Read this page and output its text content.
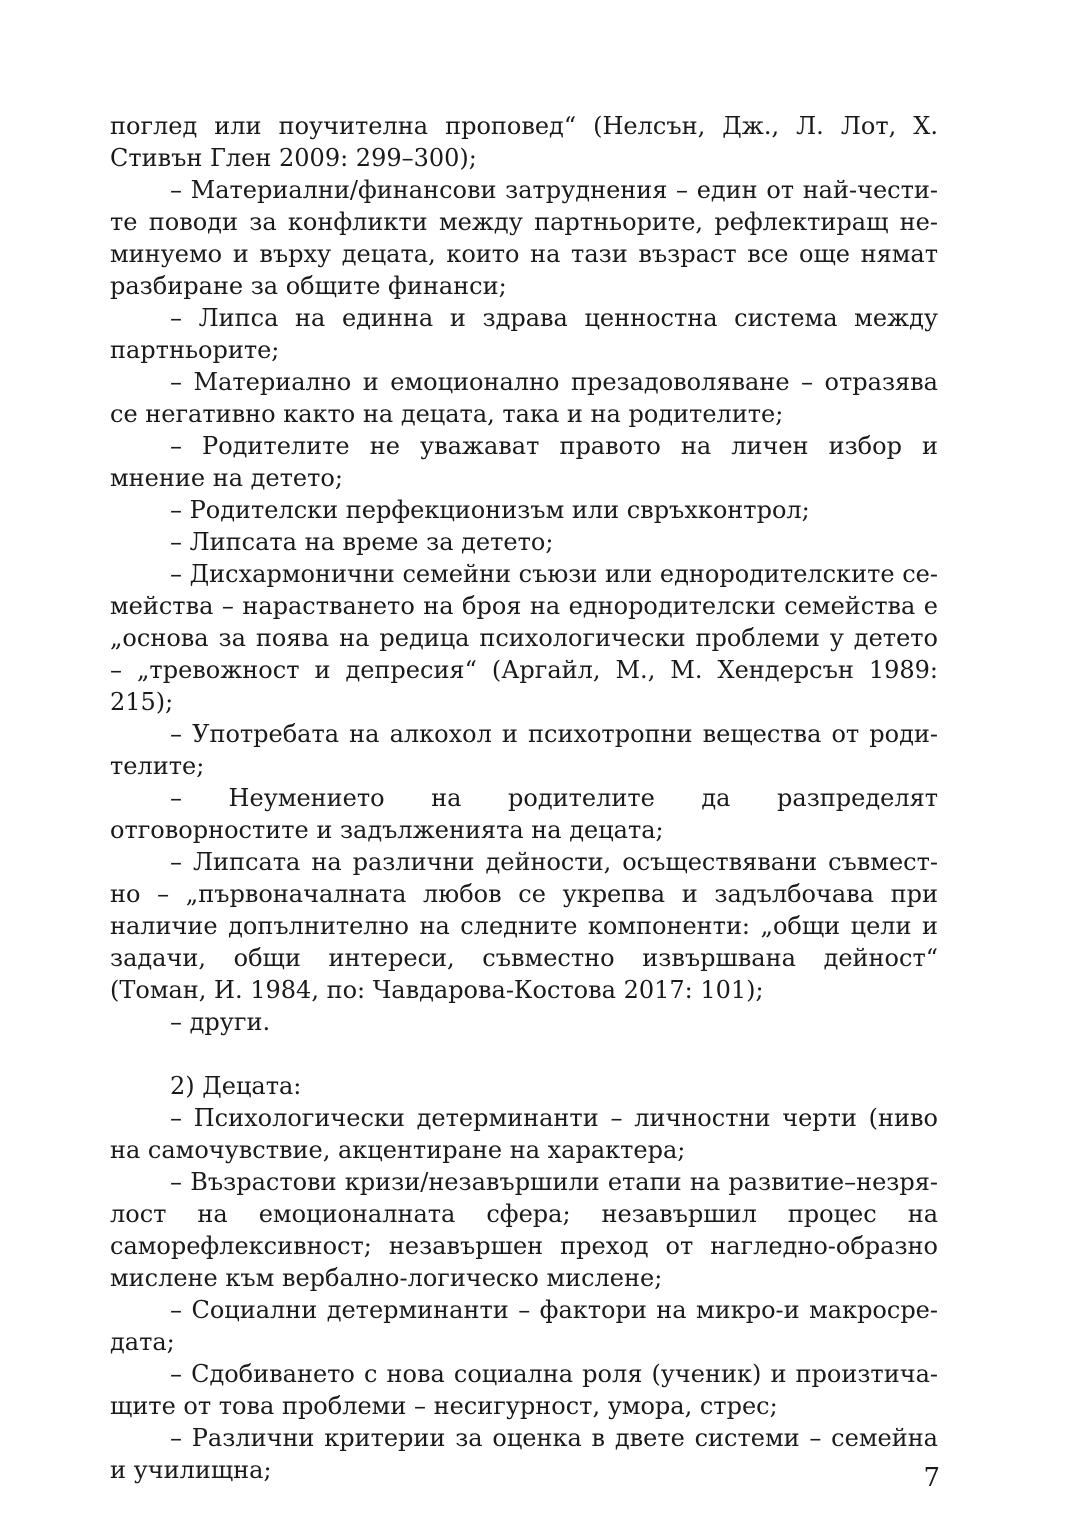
поглед или поучителна проповед“ (Нелсън, Дж., Л. Лот, Х. Стивън Глен 2009: 299–300);

– Материални/финансови затруднения – един от най-честите поводи за конфликти между партньорите, рефлектиращ неминуемо и върху децата, които на тази възраст все още нямат разбиране за общите финанси;

– Липса на единна и здрава ценностна система между партньорите;

– Материално и емоционално презадоволяване – отразява се негативно както на децата, така и на родителите;

– Родителите не уважават правото на личен избор и мнение на детето;

– Родителски перфекционизъм или свръхконтрол;

– Липсата на време за детето;

– Дисхармонични семейни съюзи или еднородителските семейства – нарастването на броя на еднородителски семейства е „основа за поява на редица психологически проблеми у детето – „тревожност и депресия“ (Аргайл, М., М. Хендерсън 1989: 215);

– Употребата на алкохол и психотропни вещества от родителите;

– Неумението на родителите да разпределят отговорностите и задълженията на децата;

– Липсата на различни дейности, осъществявани съвместно – „първоначалната любов се укрепва и задълбочава при наличие допълнително на следните компоненти: „общи цели и задачи, общи интереси, съвместно извършвана дейност“ (Томан, И. 1984, по: Чавдарова-Костова 2017: 101);

– други.

2) Децата:

– Психологически детерминанти – личностни черти (ниво на самочувствие, акцентиране на характера;

– Възрастови кризи/незавършили етапи на развитие–незрялост на емоционалната сфера; незавършил процес на саморефлексивност; незавършен преход от нагледно-образно мислене към вербално-логическо мислене;

– Социални детерминанти – фактори на микро-и макросредата;

– Сдобиването с нова социална роля (ученик) и произтичащите от това проблеми – несигурност, умора, стрес;

– Различни критерии за оценка в двете системи – семейна и училищна;	7
